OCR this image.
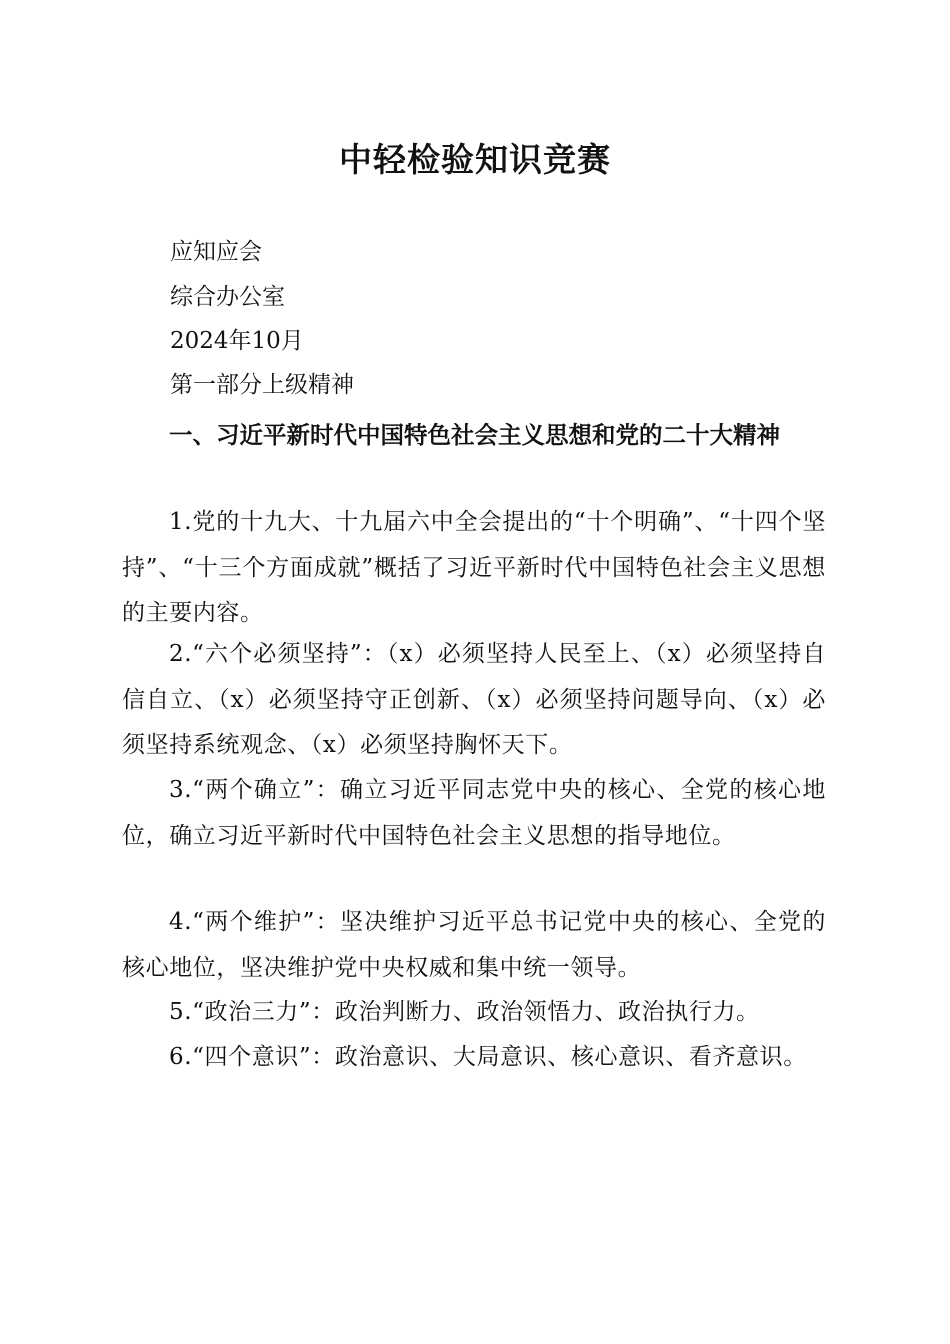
中轻检验知识竞赛
应知应会
综合办公室
2024年10月
第一部分上级精神

一、习近平新时代中国特色社会主义思想和党的二十大精神

1.党的十九大、十九届六中全会提出的“十个明确”、“十四个坚持”、“十三个方面成就”概括了习近平新时代中国特色社会主义思想的主要内容。

2.“六个必须坚持”：（x）必须坚持人民至上、（x）必须坚持自信自立、（x）必须坚持守正创新、（x）必须坚持问题导向、（x）必须坚持系统观念、（x）必须坚持胸怀天下。

3.“两个确立”：确立习近平同志党中央的核心、全党的核心地位，确立习近平新时代中国特色社会主义思想的指导地位。

4.“两个维护”：坚决维护习近平总书记党中央的核心、全党的核心地位，坚决维护党中央权威和集中统一领导。

5.“政治三力”：政治判断力、政治领悟力、政治执行力。

6.“四个意识”：政治意识、大局意识、核心意识、看齐意识。
